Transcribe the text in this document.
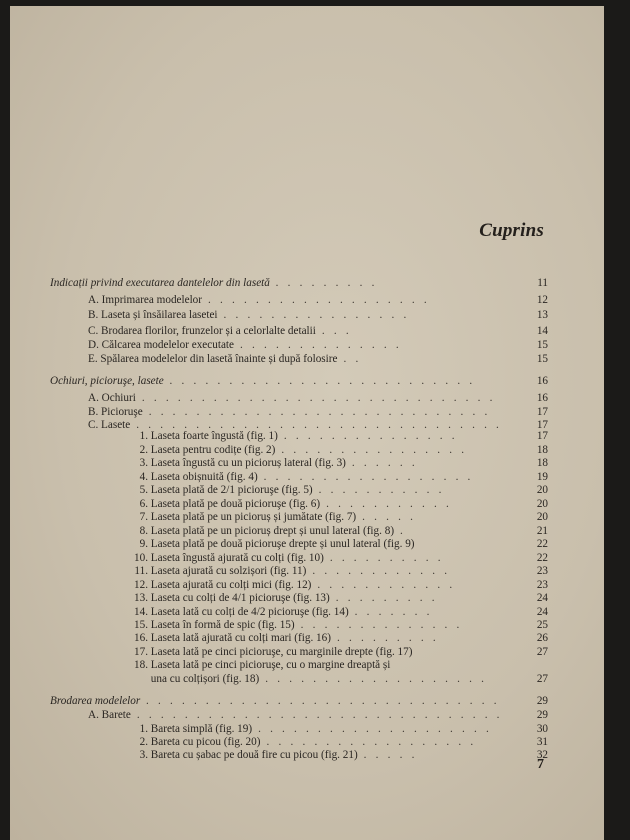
Cuprins
Indicații privind executarea dantelelor din lasetă . . . . . . . . .	11
A. Imprimarea modelelor . . . . . . . . . . . . . . . . . . .	12
B. Laseta și însăilarea lasetei . . . . . . . . . . . . . . . .	13
C. Brodarea florilor, frunzelor și a celorlalte detalii . . .	14
D. Călcarea modelelor executate . . . . . . . . . . . . . .	15
E. Spălarea modelelor din lasetă înainte și după folosire . .	15
Ochiuri, picioruşe, lasete . . . . . . . . . . . . . . . . . . . . . . . . . .	16
A. Ochiuri . . . . . . . . . . . . . . . . . . . . . . . . . . . . . .	16
B. Picioruşe . . . . . . . . . . . . . . . . . . . . . . . . . . . . .	17
C. Lasete . . . . . . . . . . . . . . . . . . . . . . . . . . . . . . .	17
1. Laseta foarte îngustă (fig. 1) . . . . . . . . . . . . . . .	17
2. Laseta pentru codițe (fig. 2) . . . . . . . . . . . . . . . .	18
3. Laseta îngustă cu un picioruș lateral (fig. 3) . . . . . .	18
4. Laseta obișnuită (fig. 4) . . . . . . . . . . . . . . . . . .	19
5. Laseta plată de 2/1 picioruşe (fig. 5) . . . . . . . . . . .	20
6. Laseta plată pe două picioruşe (fig. 6) . . . . . . . . . . .	20
7. Laseta plată pe un picioruș și jumătate (fig. 7) . . . . .	20
8. Laseta plată pe un picioruș drept și unul lateral (fig. 8) .	21
9. Laseta plată pe două picioruşe drepte și unul lateral (fig. 9)	22
10. Laseta îngustă ajurată cu colți (fig. 10) . . . . . . . . . .	22
11. Laseta ajurată cu solzișori (fig. 11) . . . . . . . . . . . .	23
12. Laseta ajurată cu colți mici (fig. 12) . . . . . . . . . . . .	23
13. Laseta cu colți de 4/1 picioruşe (fig. 13) . . . . . . . . .	24
14. Laseta lată cu colți de 4/2 picioruşe (fig. 14) . . . . . . .	24
15. Laseta în formă de spic (fig. 15) . . . . . . . . . . . . . .	25
16. Laseta lată ajurată cu colți mari (fig. 16) . . . . . . . . .	26
17. Laseta lată pe cinci picioruşe, cu marginile drepte (fig. 17)	27
18. Laseta lată pe cinci picioruşe, cu o margine dreaptă și
una cu colțișori (fig. 18) . . . . . . . . . . . . . . . . . . .	27
Brodarea modelelor . . . . . . . . . . . . . . . . . . . . . . . . . . . . . .	29
A. Barete . . . . . . . . . . . . . . . . . . . . . . . . . . . . . . .	29
1. Bareta simplă (fig. 19) . . . . . . . . . . . . . . . . . . . .	30
2. Bareta cu picou (fig. 20) . . . . . . . . . . . . . . . . . .	31
3. Bareta cu șabac pe două fire cu picou (fig. 21) . . . . .	32
7
